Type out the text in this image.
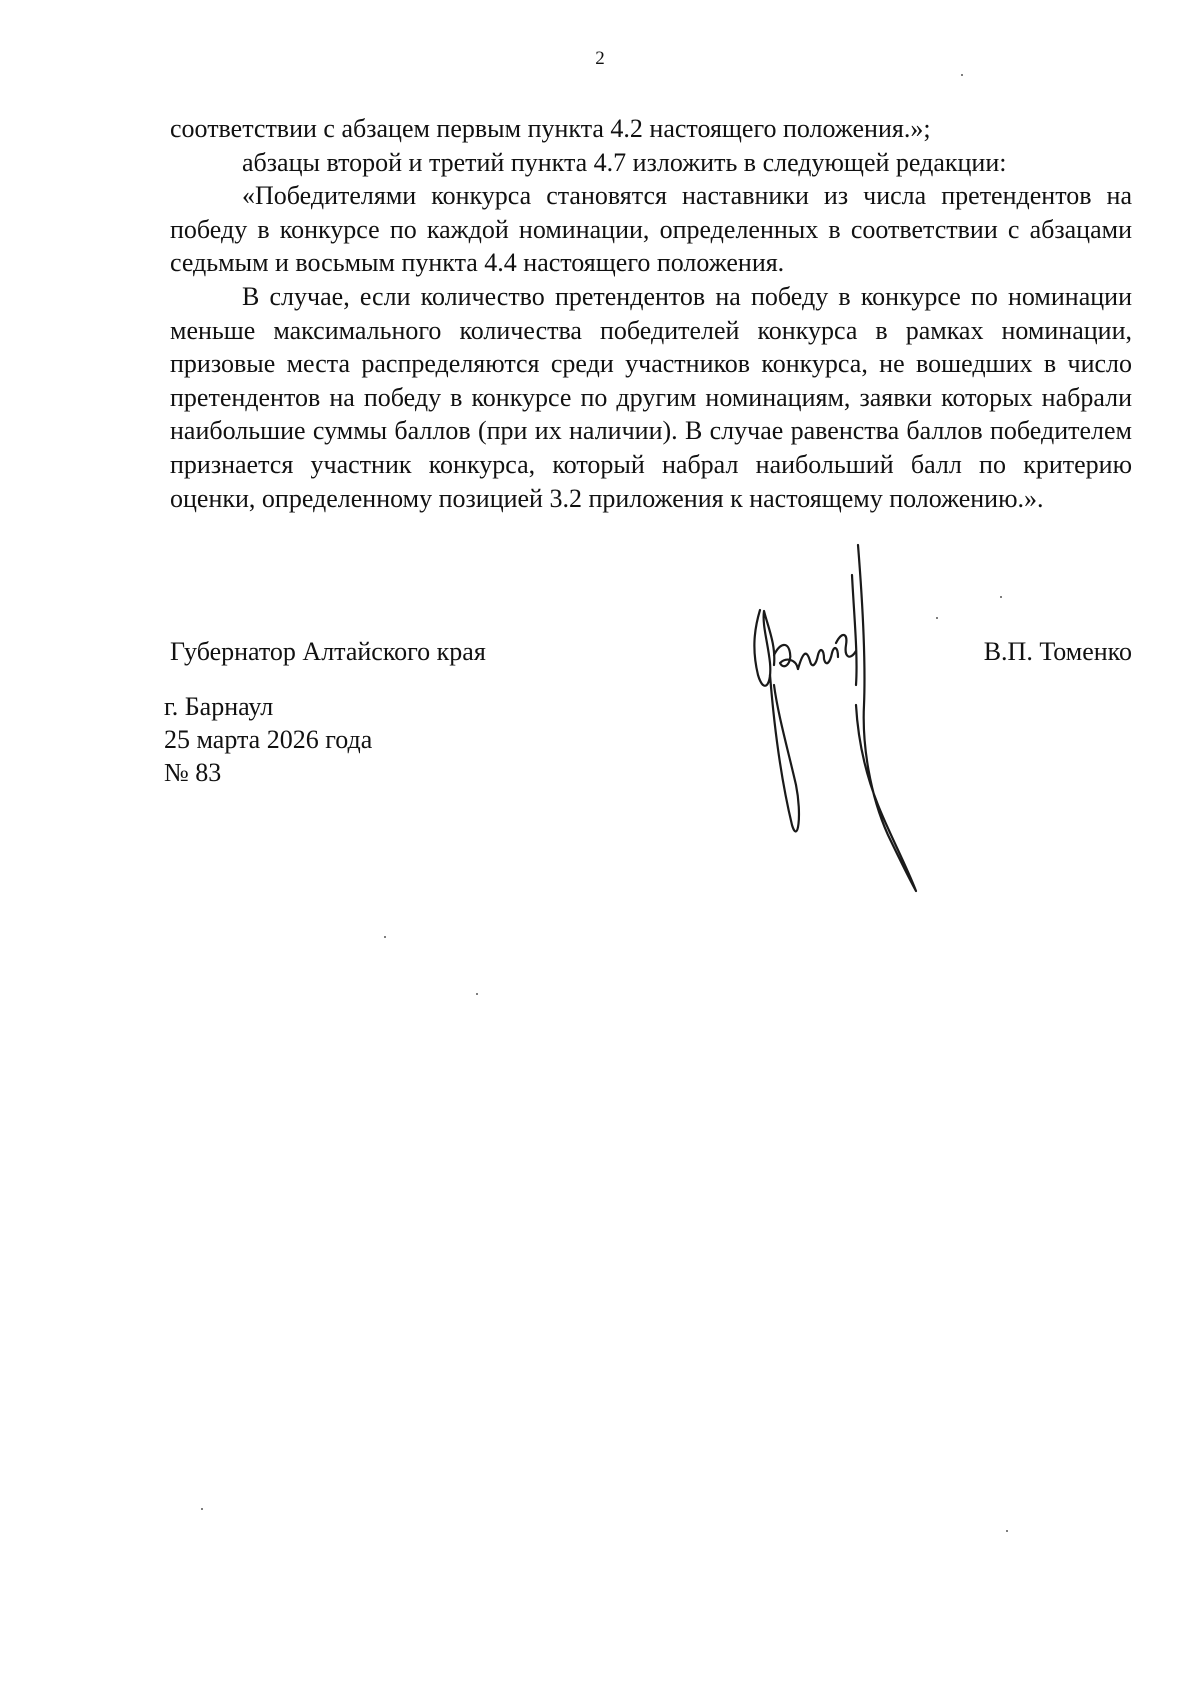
2

соответствии с абзацем первым пункта 4.2 настоящего положения.»;

абзацы второй и третий пункта 4.7 изложить в следующей редакции:

«Победителями конкурса становятся наставники из числа претендентов на победу в конкурсе по каждой номинации, определенных в соответствии с абзацами седьмым и восьмым пункта 4.4 настоящего положения.

В случае, если количество претендентов на победу в конкурсе по номинации меньше максимального количества победителей конкурса в рамках номинации, призовые места распределяются среди участников конкурса, не вошедших в число претендентов на победу в конкурсе по другим номинациям, заявки которых набрали наибольшие суммы баллов (при их наличии). В случае равенства баллов победителем признается участник конкурса, который набрал наибольший балл по критерию оценки, определенному позицией 3.2 приложения к настоящему положению.».

Губернатор Алтайского края	В.П. Томенко
г. Барнаул
25 марта 2026 года
№ 83
